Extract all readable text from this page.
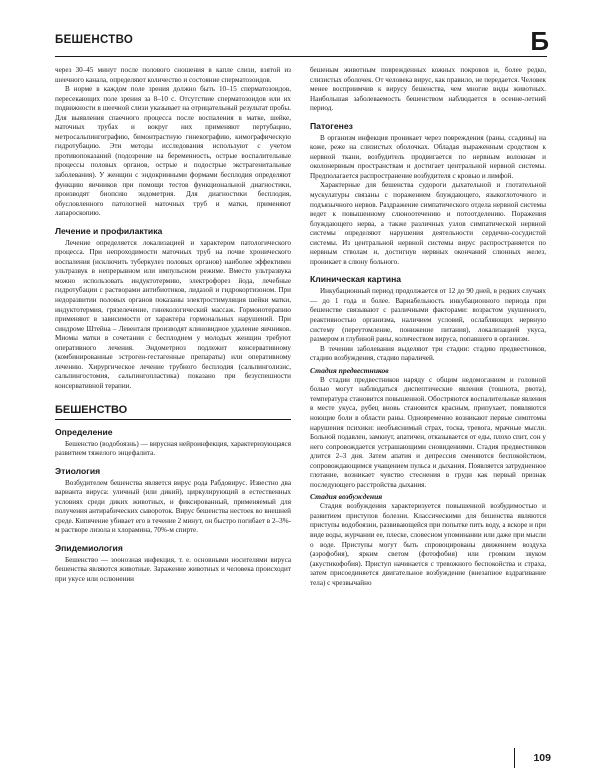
БЕШЕНСТВО	Б

через 30–45 минут после полового сношения в капле слизи, взятой из шеечного канала, определяют количество и состояние сперматозоидов.

В норме в каждом поле зрения должно быть 10–15 сперматозоидов, пересекающих поле зрения за 8–10 с. Отсутствие сперматозоидов или их подвижности в шеечной слизи указывает на отрицательный результат пробы. Для выявления спаечного процесса после воспаления в матке, шейке, маточных трубах и вокруг них применяют пертубацию, метросальпингографию, бимонтрастную гинекографию, кимографическую гидротубацию. Эти методы исследования используют с учетом противопоказаний (подозрение на беременность, острые воспалительные процессы половых органов, острые и подострые экстрагенитальные заболевания). У женщин с эндокринными формами бесплодия определяют функцию яичников при помощи тестов функциональной диагностики, производят биопсию эндометрия. Для диагностики бесплодия, обусловленного патологией маточных труб и матки, применяют лапароскопию.

Лечение и профилактика

Лечение определяется локализацией и характером патологического процесса. При непроходимости маточных труб на почве хронического воспаления (исключить туберкулез половых органов) наиболее эффективен ультразвук в непрерывном или импульсном режиме. Вместо ультразвука можно использовать индуктотермию, электрофорез йода, лечебные гидротубации с растворами антибиотиков, лидазой и гидрокортизоном. При недоразвитии половых органов показаны электростимуляция шейки матки, индуктотермия, грязелечение, гинекологический массаж. Гормонотерапию применяют в зависимости от характера гормональных нарушений. При синдроме Штейна – Левенталя производят клиновидное удаление яичников. Миомы матки в сочетании с бесплодием у молодых женщин требуют оперативного лечения. Эндометриоз подлежит консервативному (комбинированные эстроген-гестагенные препараты) или оперативному лечению. Хирургическое лечение трубного бесплодия (сальпинголизис, сальпингостомия, сальпингопластика) показано при безуспешности консервативной терапии.

БЕШЕНСТВО
Определение

Бешенство (водобоязнь) — вирусная нейроинфекция, характеризующаяся развитием тяжелого энцефалита.

Этиология

Возбудителем бешенства является вирус рода Рабдовирус. Известно два варианта вируса: уличный (или дикий), циркулирующий в естественных условиях среди диких животных, и фиксированный, применяемый для получения антирабических сывороток. Вирус бешенства нестоек во внешней среде. Кипячение убивает его в течение 2 минут, он быстро погибает в 2–3%-м растворе лизола и хлорамина, 70%-м спирте.

Эпидемиология

Бешенство — зоонозная инфекция, т. е. основными носителями вируса бешенства являются животные. Заражение животных и человека происходит при укусе или ослюнении

бешеным животным поврежденных кожных покровов и, более редко, слизистых оболочек. От человека вирус, как правило, не передается. Человек менее восприимчив к вирусу бешенства, чем многие виды животных. Наибольшая заболеваемость бешенством наблюдается в осенне-летний период.

Патогенез

В организм инфекция проникает через повреждения (раны, ссадины) на коже, реже на слизистых оболочках. Обладая выраженным сродством к нервной ткани, возбудитель продвигается по нервным волокнам и околонервным пространствам и достигает центральной нервной системы. Предполагается распространение возбудителя с кровью и лимфой.

Характерные для бешенства судороги дыхательной и глотательной мускулатуры связаны с поражением блуждающего, языкоглоточного и подъязычного нервов. Раздражение симпатического отдела нервной системы ведет к повышенному слюноотечению и потоотделению. Поражения блуждающего нерва, а также различных узлов симпатической нервной системы определяют нарушения деятельности сердечно-сосудистой системы. Из центральной нервной системы вирус распространяется по нервным стволам и, достигнув нервных окончаний слюнных желез, проникает в слюну больного.

Клиническая картина

Инкубационный период продолжается от 12 до 90 дней, в редких случаях — до 1 года и более. Вариабельность инкубационного периода при бешенстве связывают с различными факторами: возрастом укушенного, реактивностью организма, наличием условий, ослабляющих нервную систему (переутомление, понижение питания), локализацией укуса, размером и глубиной раны, количеством вируса, попавшего в организм.

В течении заболевания выделяют три стадии: стадию предвестников, стадию возбуждения, стадию параличей.

Стадия предвестников

В стадии предвестников наряду с общим недомоганием и головной болью могут наблюдаться диспептические явления (тошнота, рвота), температура становится повышенной. Обостряются воспалительные явления в месте укуса, рубец вновь становится красным, припухает, появляются ноющие боли в области раны. Одновременно возникают первые симптомы нарушения психики: необъяснимый страх, тоска, тревога, мрачные мысли. Больной подавлен, замкнут, апатичен, отказывается от еды, плохо спит, сон у него сопровождается устрашающими сновидениями. Стадия предвестников длится 2–3 дня. Затем апатия и депрессия сменяются беспокойством, сопровождающимся учащением пульса и дыхания. Появляется затрудненное глотание, возникает чувство стеснения в груди как первый признак последующего расстройства дыхания.

Стадия возбуждения

Стадия возбуждения характеризуется повышенной возбудимостью и развитием приступов болезни. Классическими для бешенства являются приступы водобоязни, развивающейся при попытке пить воду, а вскоре и при виде воды, журчании ее, плеске, словесном упоминании или даже при мысли о воде. Приступы могут быть спровоцированы движением воздуха (аэрофобия), ярким светом (фотофобия) или громким звуком (акустикофобия). Приступ начинается с тревожного беспокойства и страха, затем присоединяется двигательное возбуждение (внезапное вздрагивание тела) с чрезвычайно

109
